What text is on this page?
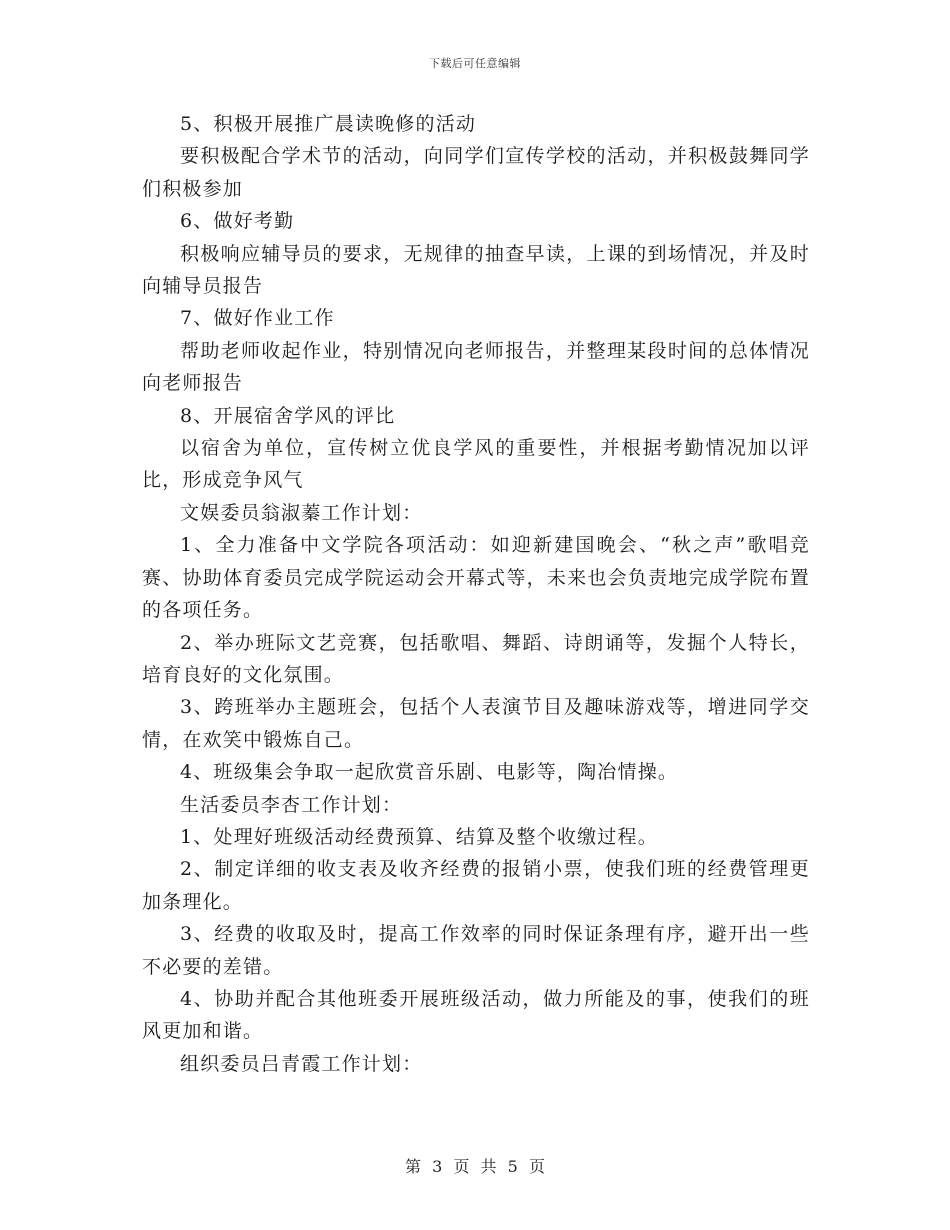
下载后可任意编辑

5、积极开展推广晨读晚修的活动

要积极配合学术节的活动，向同学们宣传学校的活动，并积极鼓舞同学们积极参加

6、做好考勤

积极响应辅导员的要求，无规律的抽查早读，上课的到场情况，并及时向辅导员报告

7、做好作业工作

帮助老师收起作业，特别情况向老师报告，并整理某段时间的总体情况向老师报告

8、开展宿舍学风的评比

以宿舍为单位，宣传树立优良学风的重要性，并根据考勤情况加以评比，形成竞争风气

文娱委员翁淑蓁工作计划：

1、全力准备中文学院各项活动：如迎新建国晚会、“秋之声”歌唱竞赛、协助体育委员完成学院运动会开幕式等，未来也会负责地完成学院布置的各项任务。

2、举办班际文艺竞赛，包括歌唱、舞蹈、诗朗诵等，发掘个人特长，培育良好的文化氛围。

3、跨班举办主题班会，包括个人表演节目及趣味游戏等，增进同学交情，在欢笑中锻炼自己。

4、班级集会争取一起欣赏音乐剧、电影等，陶冶情操。

生活委员李杏工作计划：

1、处理好班级活动经费预算、结算及整个收缴过程。

2、制定详细的收支表及收齐经费的报销小票，使我们班的经费管理更加条理化。

3、经费的收取及时，提高工作效率的同时保证条理有序，避开出一些不必要的差错。

4、协助并配合其他班委开展班级活动，做力所能及的事，使我们的班风更加和谐。

组织委员吕青霞工作计划：

第 3 页 共 5 页
